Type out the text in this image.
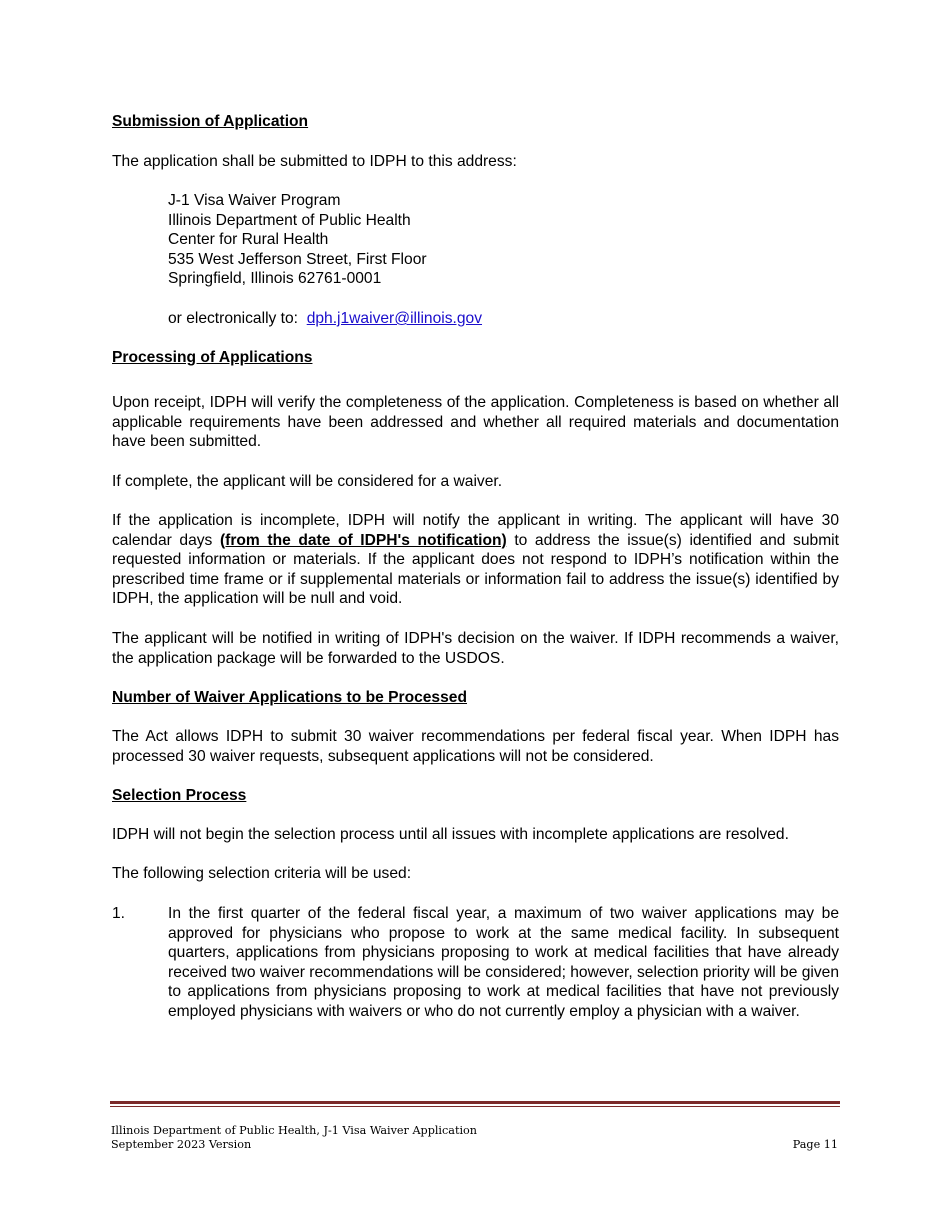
Submission of Application
The application shall be submitted to IDPH to this address:
J-1 Visa Waiver Program
Illinois Department of Public Health
Center for Rural Health
535 West Jefferson Street, First Floor
Springfield, Illinois 62761-0001
or electronically to: dph.j1waiver@illinois.gov
Processing of Applications
Upon receipt, IDPH will verify the completeness of the application. Completeness is based on whether all applicable requirements have been addressed and whether all required materials and documentation have been submitted.
If complete, the applicant will be considered for a waiver.
If the application is incomplete, IDPH will notify the applicant in writing. The applicant will have 30 calendar days (from the date of IDPH's notification) to address the issue(s) identified and submit requested information or materials. If the applicant does not respond to IDPH’s notification within the prescribed time frame or if supplemental materials or information fail to address the issue(s) identified by IDPH, the application will be null and void.
The applicant will be notified in writing of IDPH's decision on the waiver. If IDPH recommends a waiver, the application package will be forwarded to the USDOS.
Number of Waiver Applications to be Processed
The Act allows IDPH to submit 30 waiver recommendations per federal fiscal year. When IDPH has processed 30 waiver requests, subsequent applications will not be considered.
Selection Process
IDPH will not begin the selection process until all issues with incomplete applications are resolved.
The following selection criteria will be used:
1.	In the first quarter of the federal fiscal year, a maximum of two waiver applications may be approved for physicians who propose to work at the same medical facility. In subsequent quarters, applications from physicians proposing to work at medical facilities that have already received two waiver recommendations will be considered; however, selection priority will be given to applications from physicians proposing to work at medical facilities that have not previously employed physicians with waivers or who do not currently employ a physician with a waiver.
Illinois Department of Public Health, J-1 Visa Waiver Application
September 2023 Version	Page 11
